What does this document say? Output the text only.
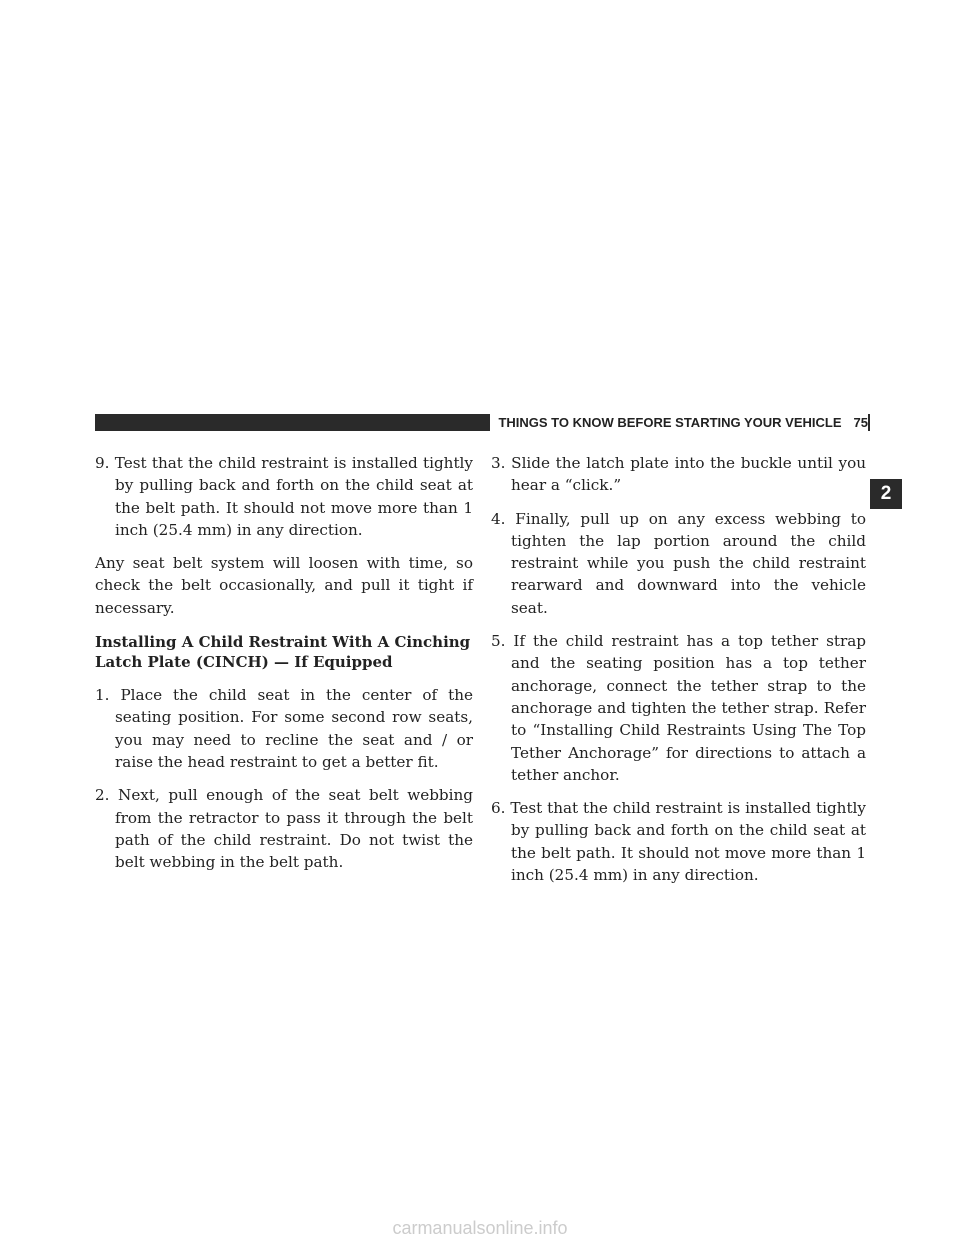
THINGS TO KNOW BEFORE STARTING YOUR VEHICLE 75
2

9. Test that the child restraint is installed tightly by pulling back and forth on the child seat at the belt path. It should not move more than 1 inch (25.4 mm) in any direction.

Any seat belt system will loosen with time, so check the belt occasionally, and pull it tight if necessary.

Installing A Child Restraint With A Cinching
Latch Plate (CINCH) — If Equipped

1. Place the child seat in the center of the seating position. For some second row seats, you may need to recline the seat and / or raise the head restraint to get a better fit.

2. Next, pull enough of the seat belt webbing from the retractor to pass it through the belt path of the child restraint. Do not twist the belt webbing in the belt path.

3. Slide the latch plate into the buckle until you hear a “click.”

4. Finally, pull up on any excess webbing to tighten the lap portion around the child restraint while you push the child restraint rearward and downward into the vehicle seat.

5. If the child restraint has a top tether strap and the seating position has a top tether anchorage, connect the tether strap to the anchorage and tighten the tether strap. Refer to “Installing Child Restraints Using The Top Tether Anchorage” for directions to attach a tether anchor.

6. Test that the child restraint is installed tightly by pulling back and forth on the child seat at the belt path. It should not move more than 1 inch (25.4 mm) in any direction.

carmanualsonline.info
